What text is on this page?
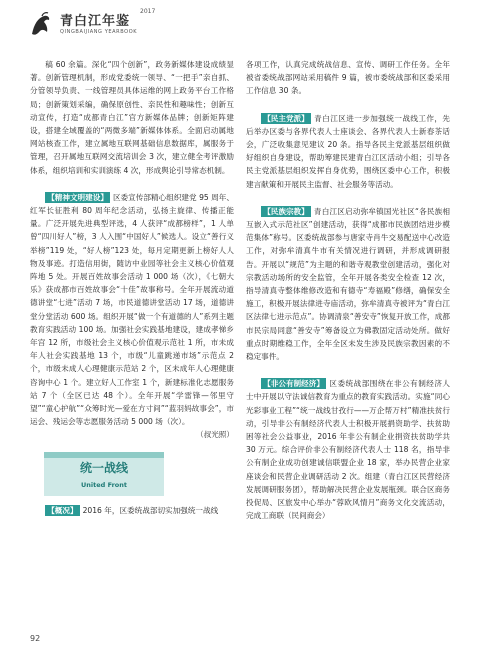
青白江年鉴
2017
QINGBAIJIANG YEARBOOK

稿 60 余篇。深化“四个创新”，政务新媒体建设成绩显著。创新管理机制，形成党委统一领导、“一把手”亲自抓、分管领导负责、一线管理员具体运维的网上政务平台工作格局；创新策划采编，确保原创性、亲民性和趣味性；创新互动宣传，打造“成都青白江”官方新媒体品牌；创新矩阵建设，搭建全域覆盖的“两微多端”新媒体体系。全面启动属地网站核查工作，建立属地互联网基础信息数据库，属服务于管理，召开属地互联网交流培训会 3 次，建立健全考评激励体系，组织培训和实训演练 4 次，形成舆论引导常态机制。

【精神文明建设】 区委宣传部精心组织建党 95 周年、红军长征胜利 80 周年纪念活动，弘扬主旋律、传播正能量。广泛开展先进典型评选，4 人获评“成都榜样”，1 人单曾“四川好人”榜，3 人入围“中国好人”候选人。设立“善行义举榜”119 处，“好人榜”123 处，每月定期更新上榜好人人物及事迹。打造信用街，随访中业园等社会主义核心价值观阵地 5 处。开展百姓故事会活动 1 000 场（次），《七朝大乐》获成都市百姓故事会“十佳”故事称号。全年开展流动道德讲堂“七进”活动 7 场，市民道德讲堂活动 17 场，道德讲堂分堂活动 600 场。组织开展“做一个有道德的人”系列主题教育实践活动 100 场。加强社会实践基地建设，建成孝悌乡年宫 12 所，市级社会主义核心价值观示范社 1 所，市未成年人社会实践基地 13 个，市级“儿童跳递市场”示范点 2 个，市级未成人心理健康示范站 2 个，区未成年人心理健康咨询中心 1 个。建立好人工作室 1 个，新建标准化志愿服务站 7 个（全区已达 48 个）。全年开展“学雷锋—邻里守望”“童心护航”“众筹时光—爱在方寸间”“蓝羽妈故事会”，市运会、残运会等志愿服务活动 5 000 场（次）。

（叔光照）

统一战线
United Front

【概况】 2016 年，区委统战部切实加强统一战线

各项工作，认真完成统战信息、宣传、调研工作任务。全年被省委统战部网站采用稿件 9 篇，被市委统战部和区委采用工作信息 30 条。

【民主党派】 青白江区进一步加强统一战线工作，先后举办区委与各界代表人士座谈会、各界代表人士新春茶话会，广泛收集意见建议 20 条。指导各民主党派基层组织做好组织自身建设，帮助筹建民建青白江区活动小组；引导各民主党派基层组织发挥自身优势，围绕区委中心工作，积极建言献策和开展民主监督、社会服务等活动。

【民族宗教】 青白江区启动弥牟镇国光社区“各民族相互嵌入式示范社区”创建活动，获得“成都市民族团结进步模范集体”称号。区委统战部参与唐家寺肖牛交易配送中心改造工作，对弥牟清真牛市有关情况进行调研，并形成调研报告。开展以“规范”为主题的和谐寺观教堂创建活动，强化对宗教活动场所的安全监管，全年开展各类安全检查 12 次，指导清真寺整体维修改造和有德寺“寿福殿”修缮，确保安全施工，积极开展法律进寺庙活动，弥牟清真寺被评为“青白江区法律七进示范点”。协调清泉“善安寺”恢复开放工作，成都市民宗局同意“善安寺”筹备设立为佛教固定活动处所。做好重点时期维稳工作，全年全区未发生涉及民族宗教因素的不稳定事件。

【非公有制经济】 区委统战部围绕在非公有制经济人士中开展以守法诚信教育为重点的教育实践活动。实施“同心光彩事业工程”“统一战线甘孜行——万企帮万村”精准扶贫行动，引导非公有制经济代表人士积极开展捐资助学、扶贫助困等社会公益事业，2016 年非公有制企业捐资扶贫助学共 30 万元。综合评价非公有制经济代表人士 118 名，指导非公有制企业成功创建诚信联盟企业 18 家，举办民营企业家座谈会和民营企业调研活动 2 次。组建（青白江区民营经济发展调研服务团），帮助解决民营企业发展瓶颈。联合区商务投促局、区旅发中心举办“蓉欧风情月”商务文化交流活动，完成工商联（民间商会）

92
